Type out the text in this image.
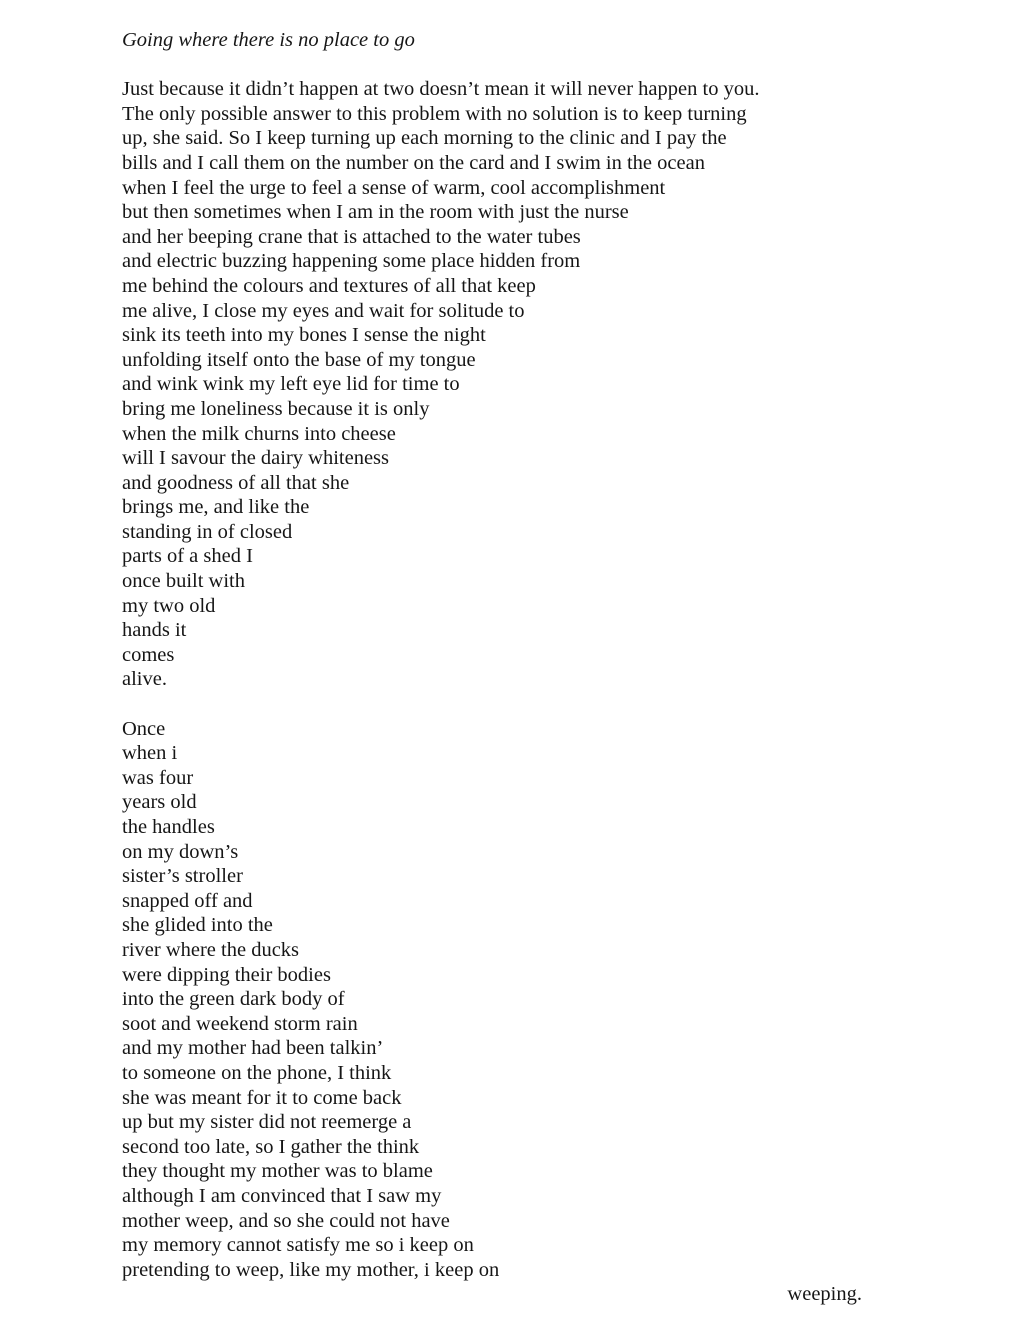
Going where there is no place to go
Just because it didn’t happen at two doesn’t mean it will never happen to you.
The only possible answer to this problem with no solution is to keep turning
up, she said. So I keep turning up each morning to the clinic and I pay the
bills and I call them on the number on the card and I swim in the ocean
when I feel the urge to feel a sense of warm, cool accomplishment
but then sometimes when I am in the room with just the nurse
and her beeping crane that is attached to the water tubes
and electric buzzing happening some place hidden from
me behind the colours and textures of all that keep
me alive, I close my eyes and wait for solitude to
sink its teeth into my bones I sense the night
unfolding itself onto the base of my tongue
and wink wink my left eye lid for time to
bring me loneliness because it is only
when the milk churns into cheese
will I savour the dairy whiteness
and goodness of all that she
brings me, and like the
standing in of closed
parts of a shed I
once built with
my two old
hands it
comes
alive.
Once
when i
was four
years old
the handles
on my down’s
sister’s stroller
snapped off and
she glided into the
river where the ducks
were dipping their bodies
into the green dark body of
soot and weekend storm rain
and my mother had been talkin’
to someone on the phone, I think
she was meant for it to come back
up but my sister did not reemerge a
second too late, so I gather the think
they thought my mother was to blame
although I am convinced that I saw my
mother weep, and so she could not have
my memory cannot satisfy me so i keep on
pretending to weep, like my mother, i keep on
weeping.
